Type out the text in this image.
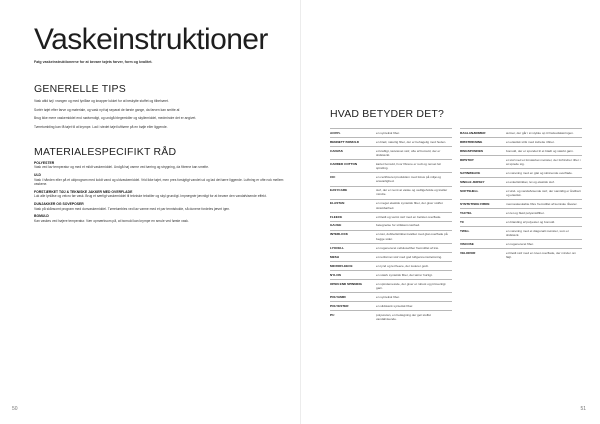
Vaskeinstruktioner
Følg vaskeinstruktionerne for at bevare tøjets farver, form og kvalitet.
GENERELLE TIPS

Vask altid tøj i vrangen og med lynlåse og knapper lukket for at beskytte stoffet og tilbehøret.

Sortér tøjet efter farve og materiale, og vask nyt tøj separat de første gange, da farven kan smitte af.

Brug ikke mere vaskemiddel end nødvendigt, og undgå blegemidler og skyllemiddel, medmindre det er angivet.

Tørretumbling kan få tøjet til at krympe. Lad i stedet tøjet lufttørre på en bøjle eller liggende.

MATERIALESPECIFIKT RÅD
POLYESTER
Vask ved lav temperatur og med et mildt vaskemiddel. Undgå høj varme ved tørring og strygning, da fibrene kan smelte.
ULD
Vask i hånden eller på et uldprogram med koldt vand og uldvaskemiddel. Vrid ikke tøjet, men pres forsigtigt vandet ud og lad det tørre liggende. Luftning er ofte nok mellem vaskene.
FORSTÆRKET TØJ & TEKNISKE JAKKER MED OVERFLADE
Luk alle lynlåse og velcro før vask. Brug et særligt vaskemiddel til tekniske tekstiler og skyl grundigt. Imprægnér jævnligt for at bevare den vandafvisende effekt.
DUNJAKKER OG SOVEPOSER
Vask på skånsomt program med dunvaskemiddel. Tørretumbles ved lav varme med et par tennisbolde, så dunene fordeles jævnt igen.
BOMULD
Kan vaskes ved højere temperatur. Vær opmærksom på, at bomuld kan krympe en smule ved første vask.
HVAD BETYDER DET?
ACRYL	en syntetisk fiber.
BENNETT BOMULD	en blød, naturlig fiber, der er behagelig mod huden.
CANVAS	et kraftigt, tætvævet stof, ofte af bomuld, der er slidstærkt.
CARDED COTTON	kartet bomuld, hvor fibrene er redt og renset før spinding.
CIC	en certificeret produktion med fokus på miljø og ansvarlighed.
EASYCARE	stof, der er nemt at vaske og vedligeholde og krøller mindre.
ELASTAN	en meget elastisk syntetisk fiber, der giver stoffet strækbarhed.
FLEECE	et blødt og varmt stof med en børstet overflade.
GAUGE	betegnelse for strikkens tæthed.
INTERLOCK	en tæt, dobbeltstrikket kvalitet med glat overflade på begge sider.
LYOCELL	en regenereret cellulosefiber fremstillet af træ.
MESH	et netformet stof med god luftgennemstrømning.
MICROFLEECE	en tynd og let fleece, der isolerer godt.
NYLON	en stærk syntetisk fiber, der tørrer hurtigt.
OPEN END SPINNING	en spindemetode, der giver et robust og prisvenligt garn.
POLYAMID	en syntetisk fiber.
POLYESTER	en slidstærk syntetisk fiber.
PU	polyuretan, en belægning der gør stoffet vandafvisende.
RAGLANÆRMER	ærmer, der går i ét stykke op til halsudskæringen.
RIBSTRIKNING	en elastisk strik med lodrette ribber.
RINGSPUNDEN	bomuld, der er spundet til et blødt og stærkt garn.
RIPSTOP	et stof med et forstærket mønster, der forhindrer rifter i at sprede sig.
SATINWEAVE	en vævning med en glat og skinnende overflade.
SINGLE JERSEY	et enkeltstrikket, let og elastisk stof.
SOFTSHELL	et vind- og vandafvisende stof, der samtidig er åndbart og elastisk.
SYNTETISKE FIBRE	menneskeskabte fibre fremstillet af kemiske råvarer.
TACTEL	en let og blød polyamidfiber.
TC	en blanding af polyester og bomuld.
TWILL	en vævning med et diagonalt mønster, som er slidstærk.
VISCOSE	en regenereret fiber.
VELOROR	et blødt stof med en luvet overflade, der minder om fløjl.
50	51
